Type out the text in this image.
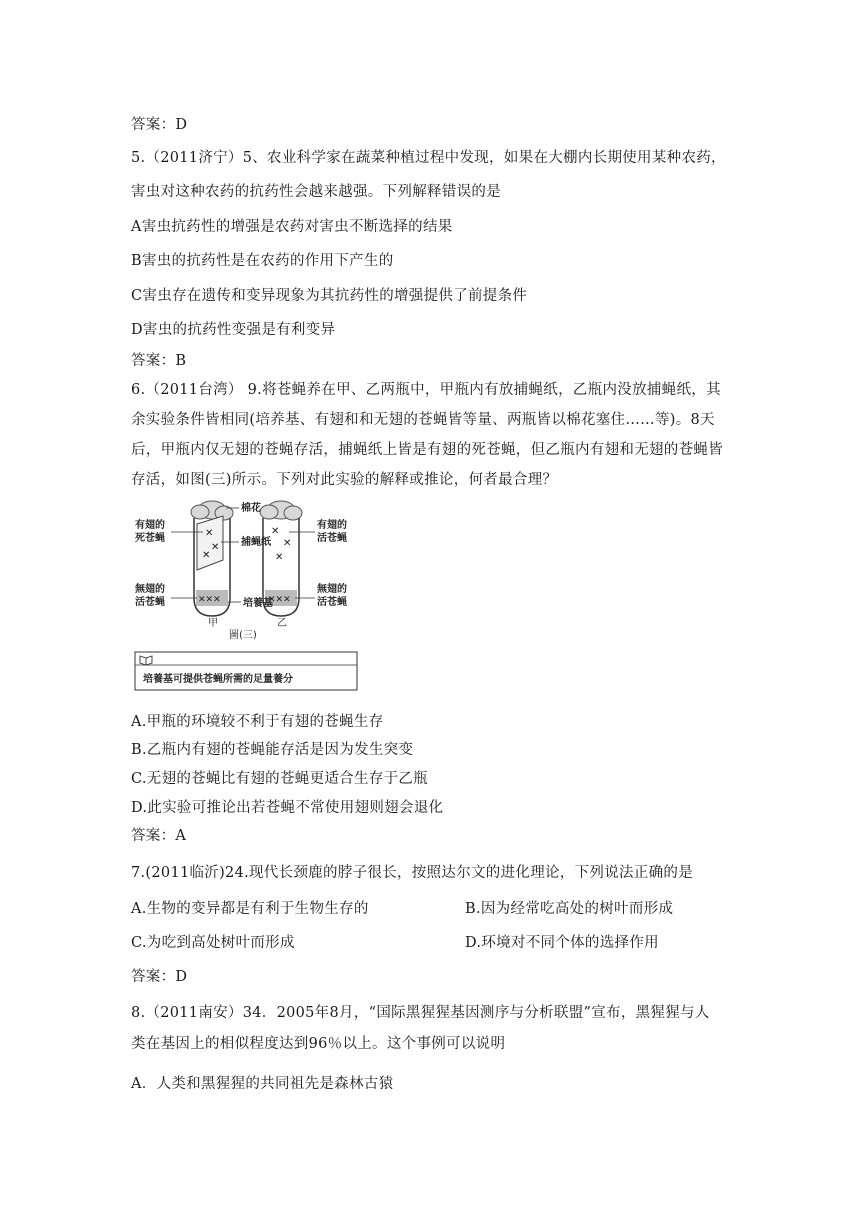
答案：D
5.（2011济宁）5、农业科学家在蔬菜种植过程中发现，如果在大棚内长期使用某种农药，
害虫对这种农药的抗药性会越来越强。下列解释错误的是
A害虫抗药性的增强是农药对害虫不断选择的结果
B害虫的抗药性是在农药的作用下产生的
C害虫存在遗传和变异现象为其抗药性的增强提供了前提条件
D害虫的抗药性变强是有利变异
答案：B
6.（2011台湾） 9.将苍蝇养在甲、乙两瓶中，甲瓶内有放捕蝇纸，乙瓶内没放捕蝇纸，其
余实验条件皆相同(培养基、有翅和和无翅的苍蝇皆等量、两瓶皆以棉花塞住……等)。8天
后，甲瓶内仅无翅的苍蝇存活，捕蝇纸上皆是有翅的死苍蝇，但乙瓶内有翅和无翅的苍蝇皆
存活，如图(三)所示。下列对此实验的解释或推论，何者最合理？
✕
✕
✕
✕
✕
✕
✕✕✕	✕✕✕
棉花
有翅的
死苍蝇	捕蝇纸
有翅的
活苍蝇
無翅的
活苍蝇	培養基
無翅的
活苍蝇
甲	乙
圖(三)
培養基可提供苍蝇所需的足量養分
A.甲瓶的环境较不利于有翅的苍蝇生存
B.乙瓶内有翅的苍蝇能存活是因为发生突变
C.无翅的苍蝇比有翅的苍蝇更适合生存于乙瓶
D.此实验可推论出若苍蝇不常使用翅则翅会退化
答案：A
7.(2011临沂)24.现代长颈鹿的脖子很长，按照达尔文的进化理论，下列说法正确的是
A.生物的变异都是有利于生物生存的	B.因为经常吃高处的树叶而形成
C.为吃到高处树叶而形成	D.环境对不同个体的选择作用
答案：D
8.（2011南安）34．2005年8月，“国际黑猩猩基因测序与分析联盟”宣布，黑猩猩与人
类在基因上的相似程度达到96％以上。这个事例可以说明
A．人类和黑猩猩的共同祖先是森林古猿
